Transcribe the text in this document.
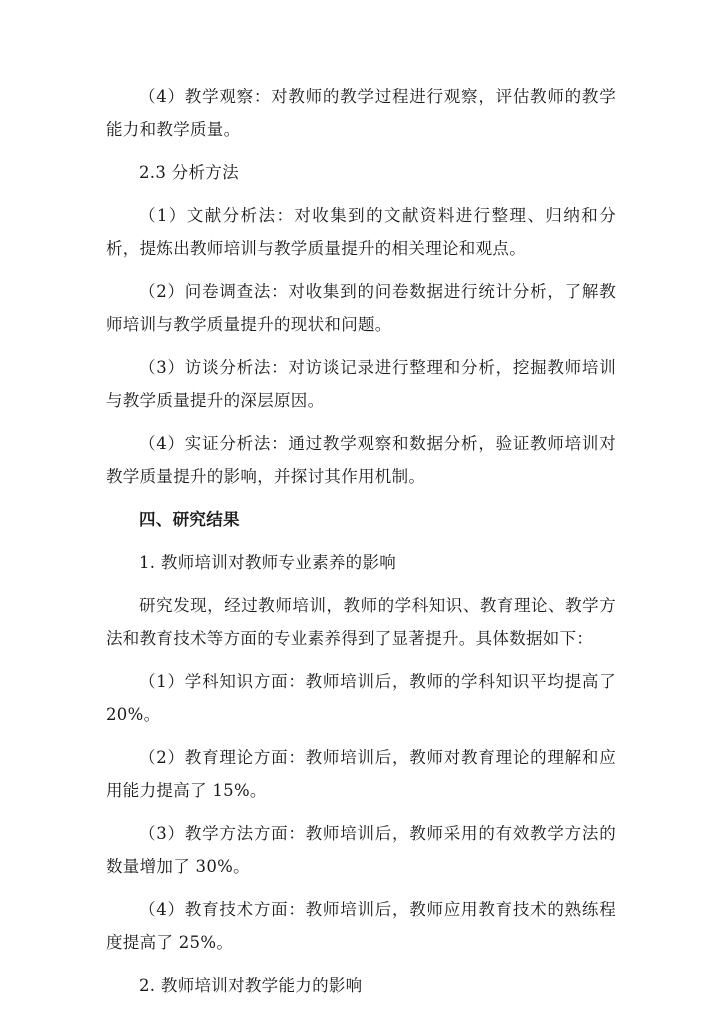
（4）教学观察：对教师的教学过程进行观察，评估教师的教学能力和教学质量。

2.3 分析方法

（1）文献分析法：对收集到的文献资料进行整理、归纳和分析，提炼出教师培训与教学质量提升的相关理论和观点。

（2）问卷调查法：对收集到的问卷数据进行统计分析，了解教师培训与教学质量提升的现状和问题。

（3）访谈分析法：对访谈记录进行整理和分析，挖掘教师培训与教学质量提升的深层原因。

（4）实证分析法：通过教学观察和数据分析，验证教师培训对教学质量提升的影响，并探讨其作用机制。

四、研究结果

1. 教师培训对教师专业素养的影响

研究发现，经过教师培训，教师的学科知识、教育理论、教学方法和教育技术等方面的专业素养得到了显著提升。具体数据如下：

（1）学科知识方面：教师培训后，教师的学科知识平均提高了20%。

（2）教育理论方面：教师培训后，教师对教育理论的理解和应用能力提高了 15%。

（3）教学方法方面：教师培训后，教师采用的有效教学方法的数量增加了 30%。

（4）教育技术方面：教师培训后，教师应用教育技术的熟练程度提高了 25%。

2. 教师培训对教学能力的影响
